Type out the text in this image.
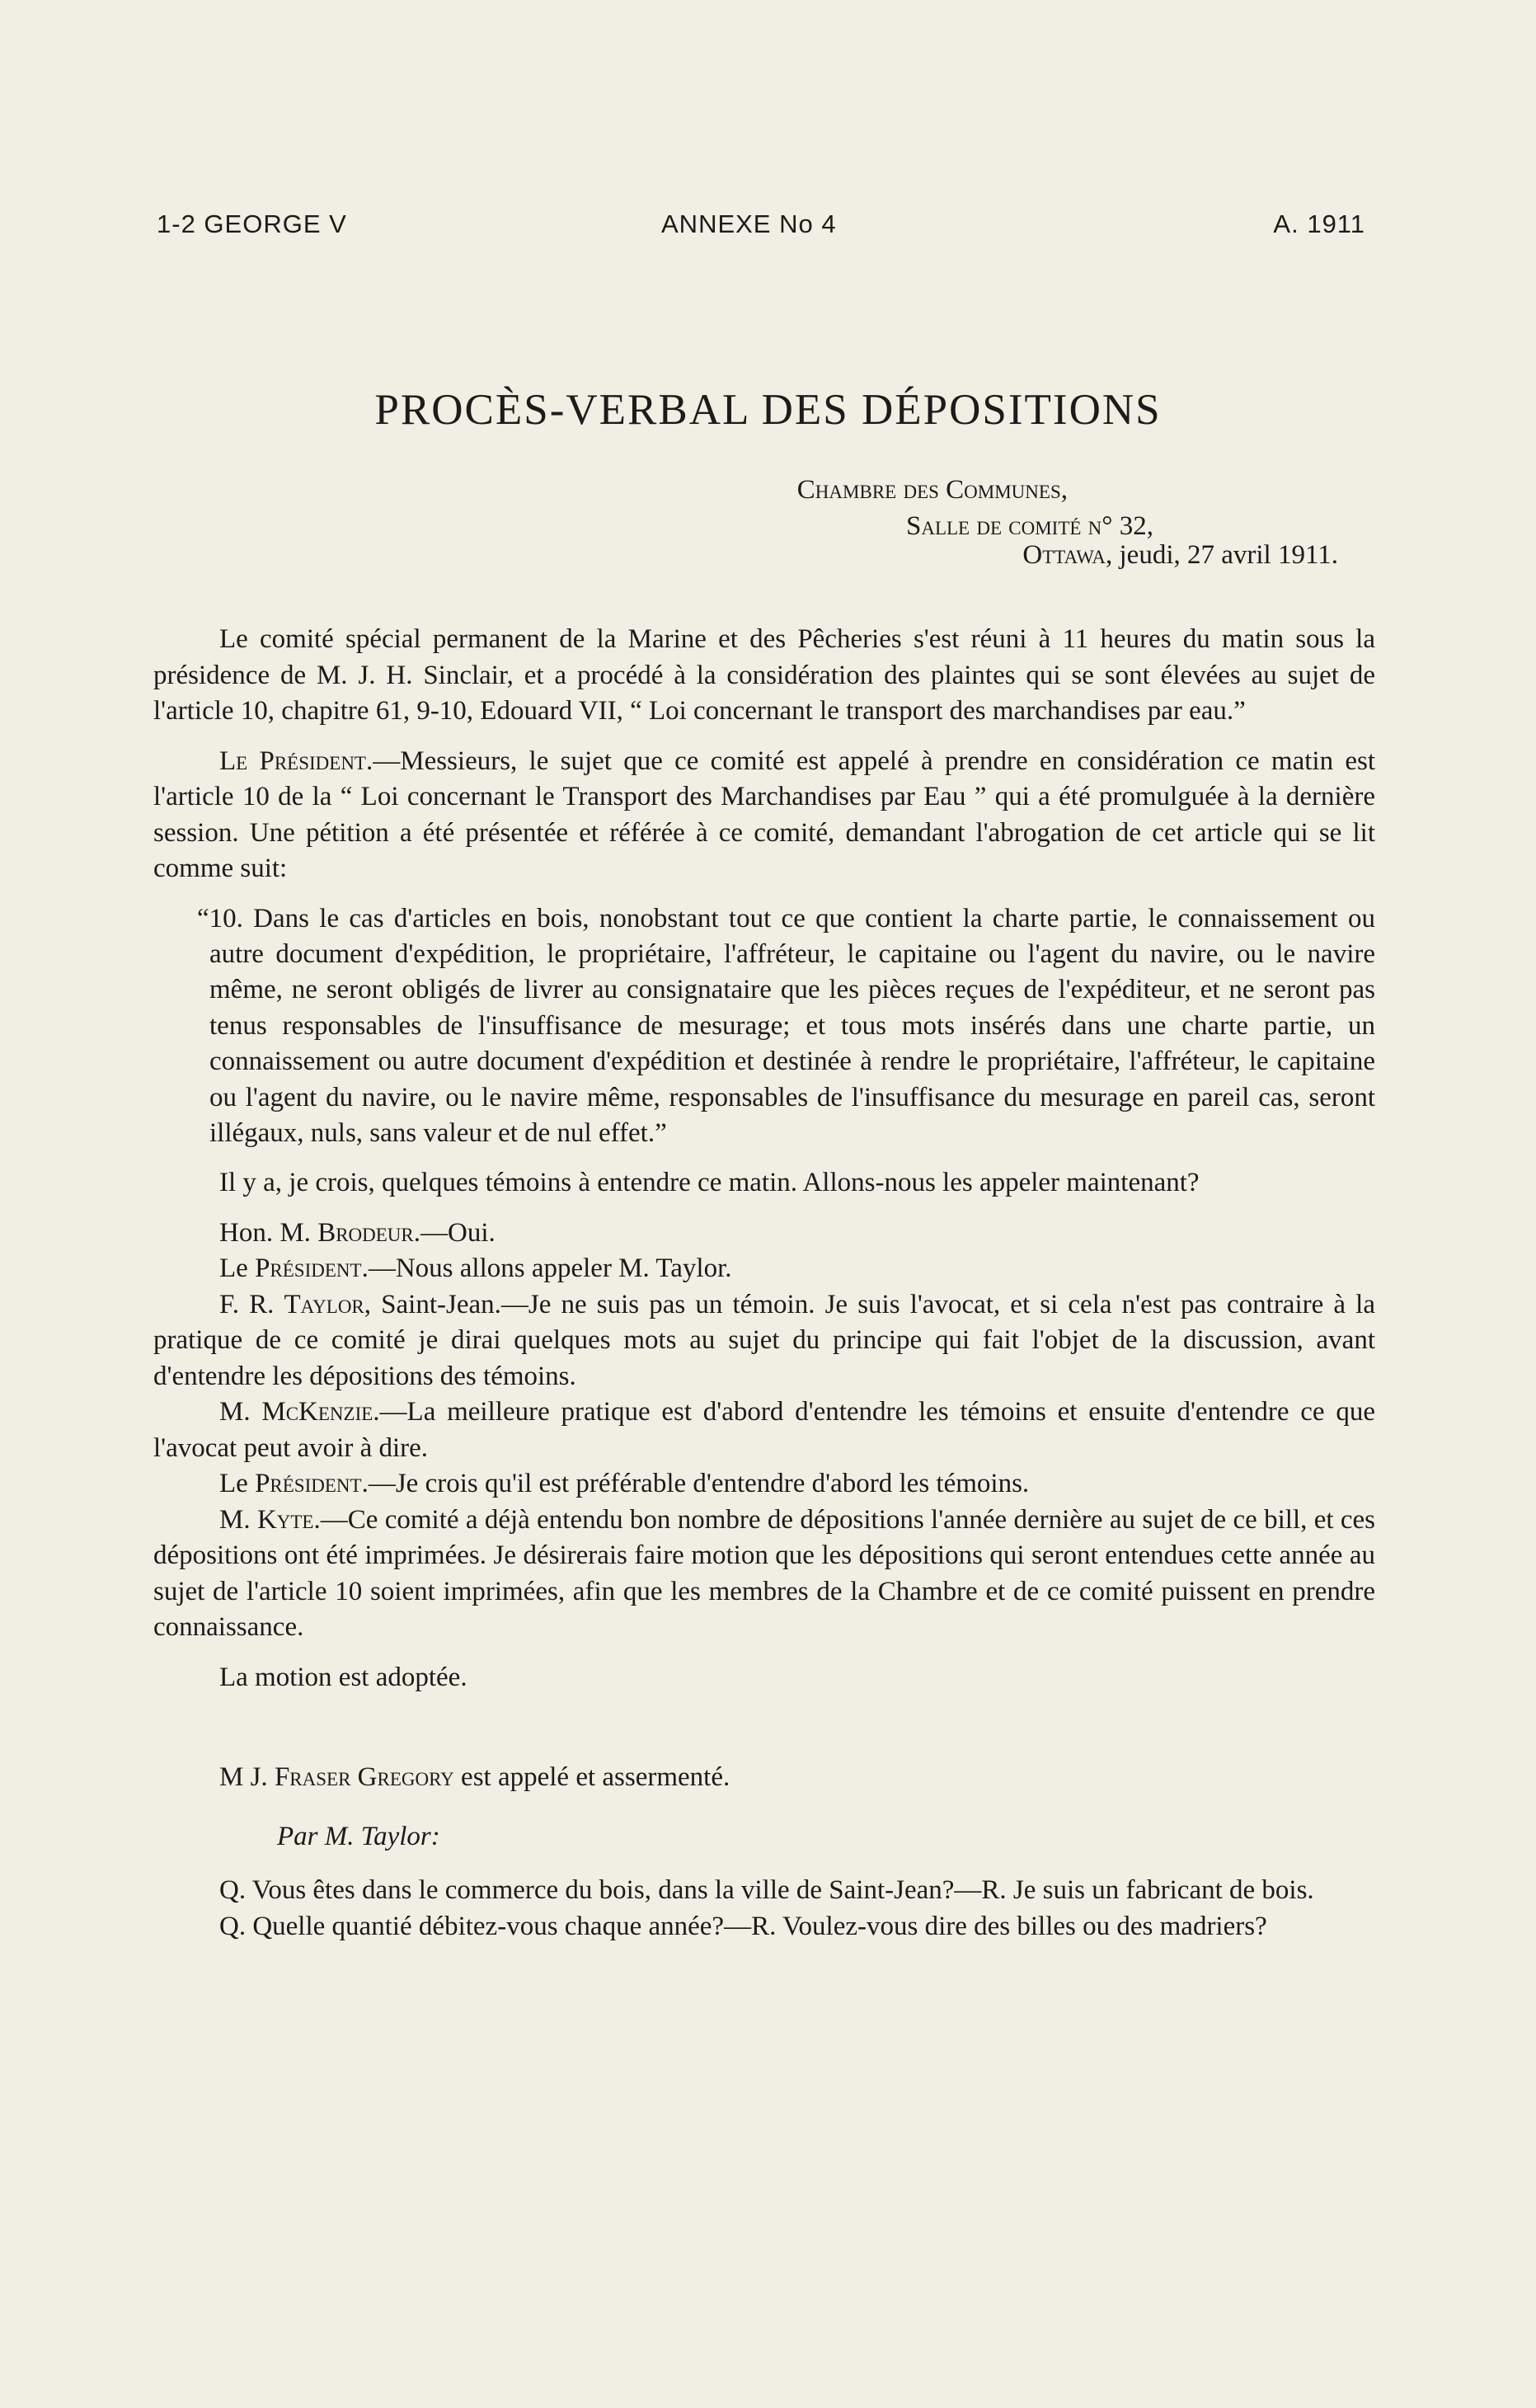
1-2 GEORGE V	ANNEXE No 4	A. 1911
PROCÈS-VERBAL DES DÉPOSITIONS
Chambre des Communes,
Salle de comité n° 32,
Ottawa, jeudi, 27 avril 1911.

Le comité spécial permanent de la Marine et des Pêcheries s'est réuni à 11 heures du matin sous la présidence de M. J. H. Sinclair, et a procédé à la considération des plaintes qui se sont élevées au sujet de l'article 10, chapitre 61, 9-10, Edouard VII, “ Loi concernant le transport des marchandises par eau.”

Le Président.—Messieurs, le sujet que ce comité est appelé à prendre en considération ce matin est l'article 10 de la “ Loi concernant le Transport des Marchandises par Eau ” qui a été promulguée à la dernière session. Une pétition a été présentée et référée à ce comité, demandant l'abrogation de cet article qui se lit comme suit:

“10. Dans le cas d'articles en bois, nonobstant tout ce que contient la charte partie, le connaissement ou autre document d'expédition, le propriétaire, l'affréteur, le capitaine ou l'agent du navire, ou le navire même, ne seront obligés de livrer au consignataire que les pièces reçues de l'expéditeur, et ne seront pas tenus responsables de l'insuffisance de mesurage; et tous mots insérés dans une charte partie, un connaissement ou autre document d'expédition et destinée à rendre le propriétaire, l'affréteur, le capitaine ou l'agent du navire, ou le navire même, responsables de l'insuffisance du mesurage en pareil cas, seront illégaux, nuls, sans valeur et de nul effet.”

Il y a, je crois, quelques témoins à entendre ce matin. Allons-nous les appeler maintenant?

Hon. M. Brodeur.—Oui.

Le Président.—Nous allons appeler M. Taylor.

F. R. Taylor, Saint-Jean.—Je ne suis pas un témoin. Je suis l'avocat, et si cela n'est pas contraire à la pratique de ce comité je dirai quelques mots au sujet du principe qui fait l'objet de la discussion, avant d'entendre les dépositions des témoins.

M. McKenzie.—La meilleure pratique est d'abord d'entendre les témoins et ensuite d'entendre ce que l'avocat peut avoir à dire.

Le Président.—Je crois qu'il est préférable d'entendre d'abord les témoins.

M. Kyte.—Ce comité a déjà entendu bon nombre de dépositions l'année dernière au sujet de ce bill, et ces dépositions ont été imprimées. Je désirerais faire motion que les dépositions qui seront entendues cette année au sujet de l'article 10 soient imprimées, afin que les membres de la Chambre et de ce comité puissent en prendre connaissance.

La motion est adoptée.

M J. Fraser Gregory est appelé et assermenté.

Par M. Taylor:

Q. Vous êtes dans le commerce du bois, dans la ville de Saint-Jean?—R. Je suis un fabricant de bois.

Q. Quelle quantié débitez-vous chaque année?—R. Voulez-vous dire des billes ou des madriers?
